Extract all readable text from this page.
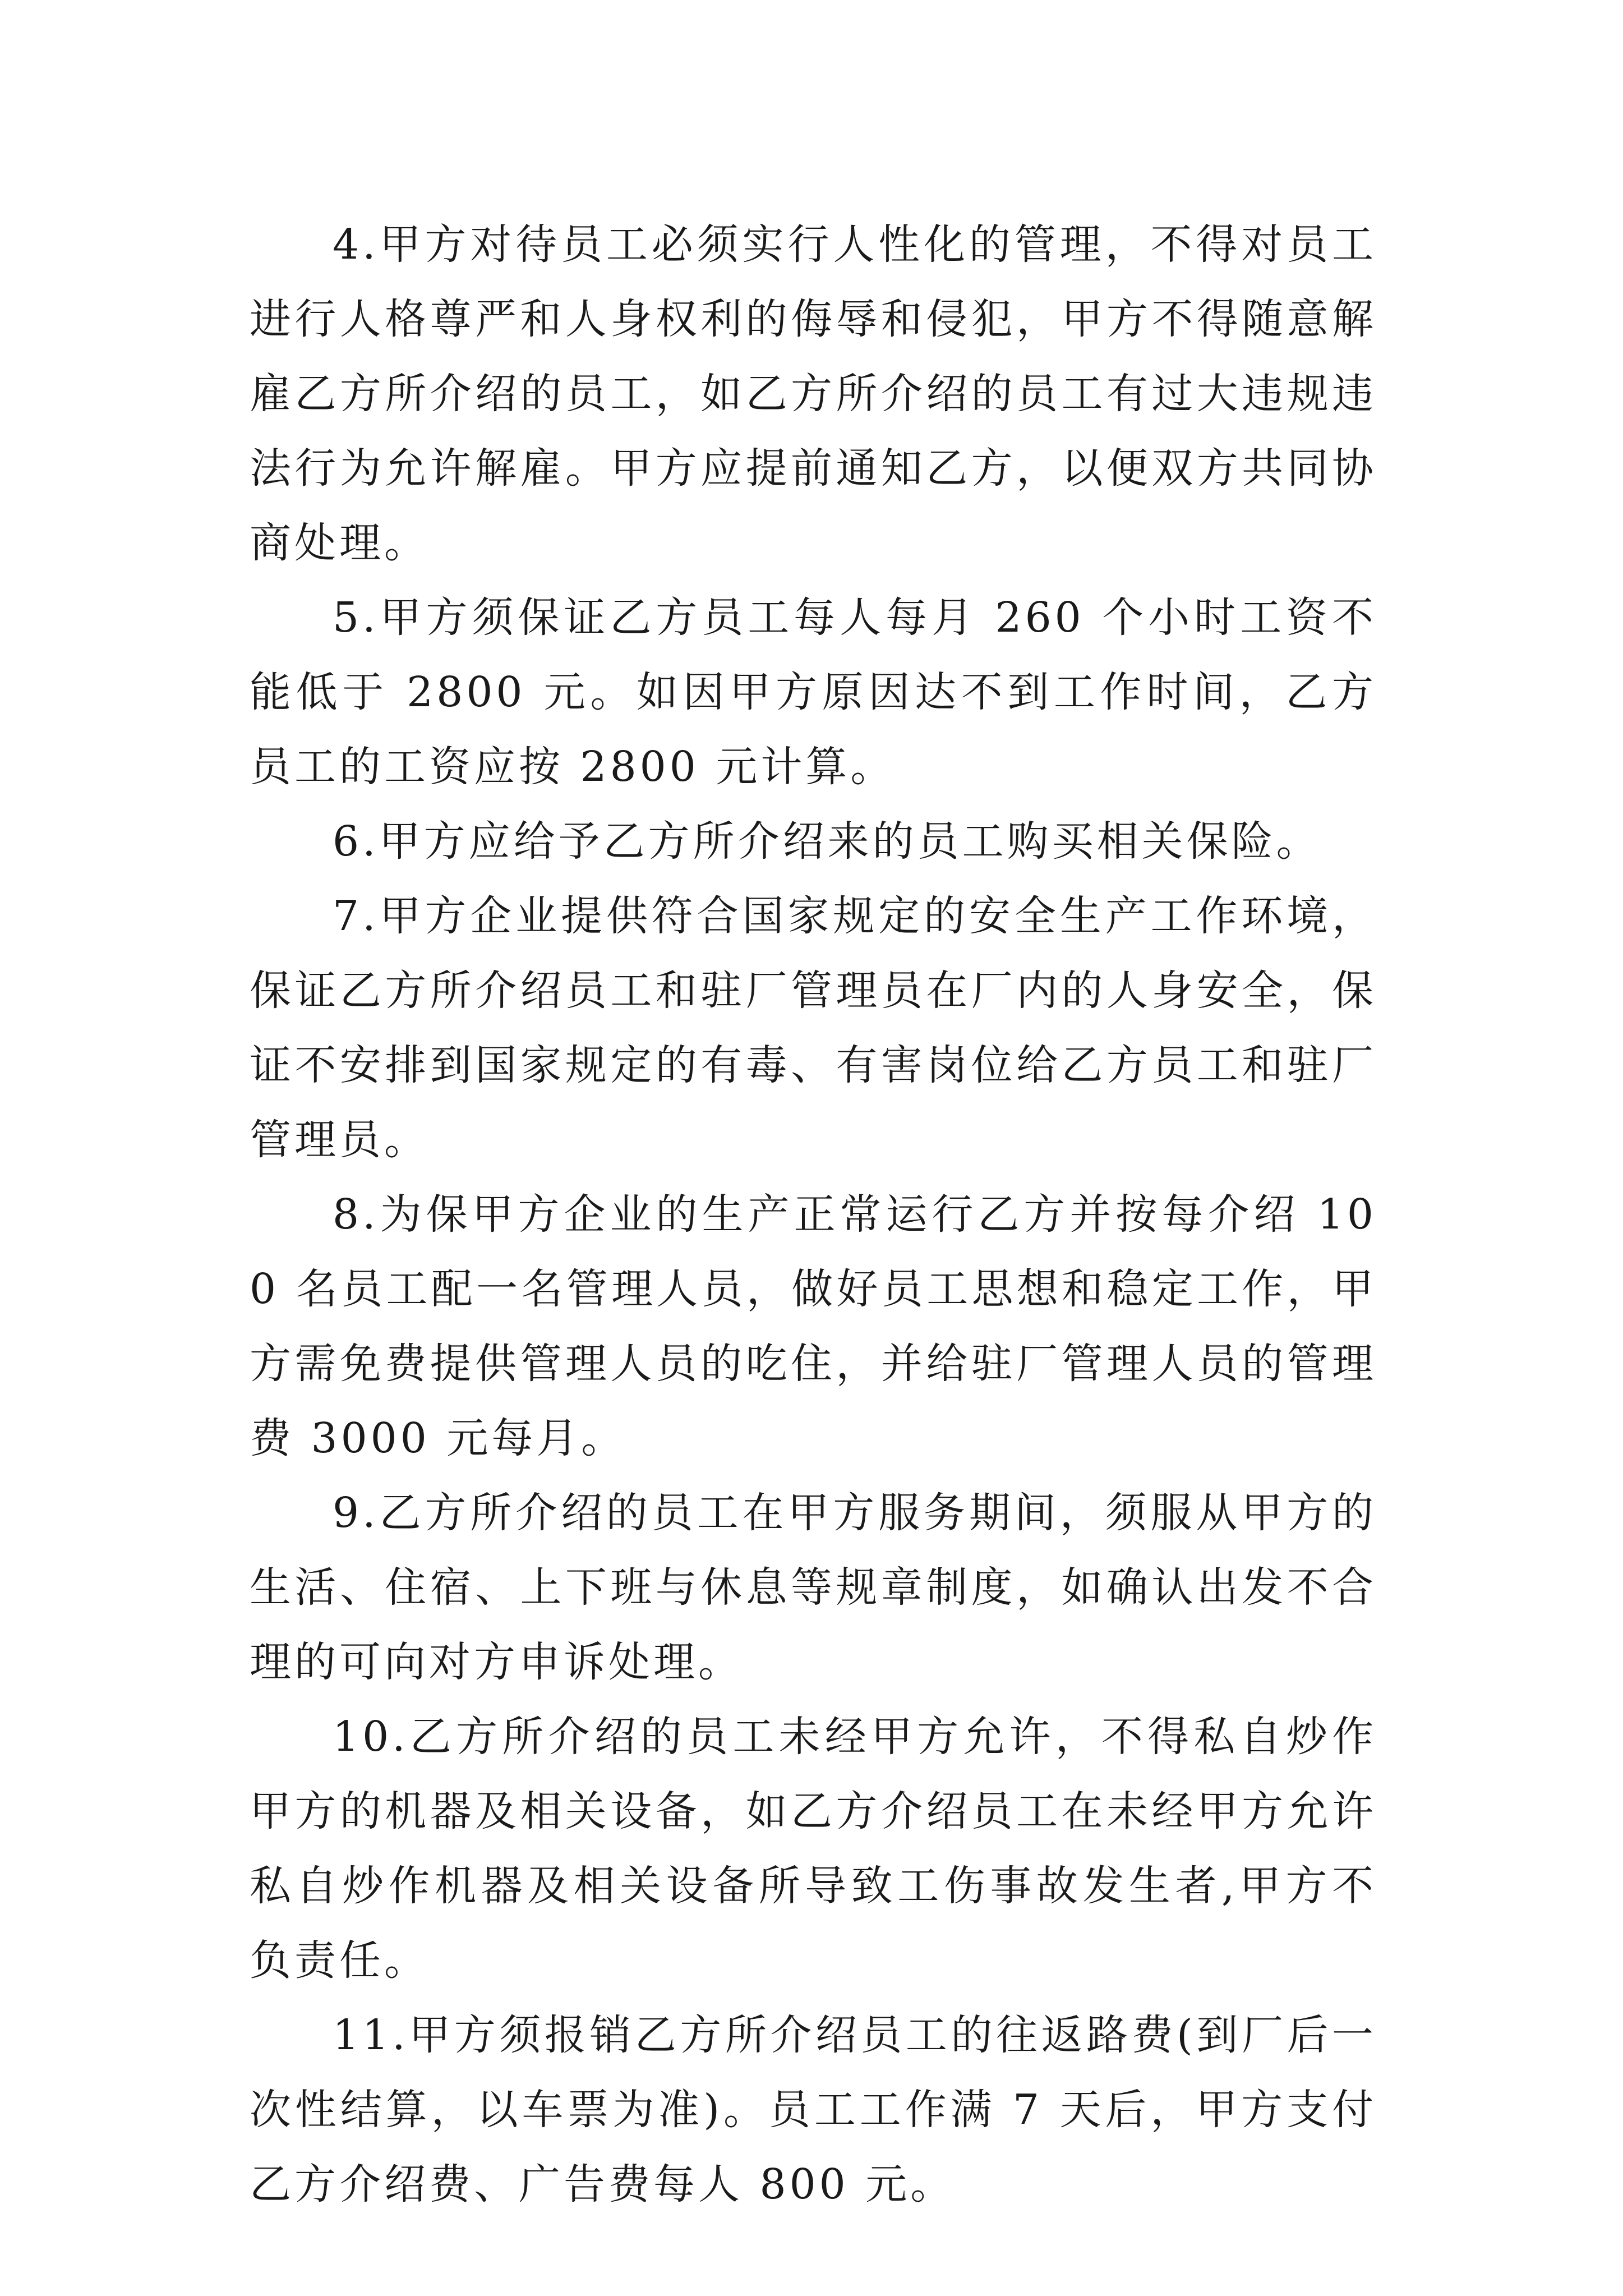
4.甲方对待员工必须实行人性化的管理，不得对员工进行人格尊严和人身权利的侮辱和侵犯，甲方不得随意解雇乙方所介绍的员工，如乙方所介绍的员工有过大违规违法行为允许解雇。甲方应提前通知乙方，以便双方共同协商处理。

5.甲方须保证乙方员工每人每月 260 个小时工资不能低于 2800 元。如因甲方原因达不到工作时间，乙方员工的工资应按 2800 元计算。

6.甲方应给予乙方所介绍来的员工购买相关保险。

7.甲方企业提供符合国家规定的安全生产工作环境，保证乙方所介绍员工和驻厂管理员在厂内的人身安全，保证不安排到国家规定的有毒、有害岗位给乙方员工和驻厂管理员。

8.为保甲方企业的生产正常运行乙方并按每介绍 100 名员工配一名管理人员，做好员工思想和稳定工作，甲方需免费提供管理人员的吃住，并给驻厂管理人员的管理费 3000 元每月。

9.乙方所介绍的员工在甲方服务期间，须服从甲方的生活、住宿、上下班与休息等规章制度，如确认出发不合理的可向对方申诉处理。

10.乙方所介绍的员工未经甲方允许，不得私自炒作甲方的机器及相关设备，如乙方介绍员工在未经甲方允许私自炒作机器及相关设备所导致工伤事故发生者,甲方不负责任。

11.甲方须报销乙方所介绍员工的往返路费(到厂后一次性结算，以车票为准)。员工工作满 7 天后，甲方支付乙方介绍费、广告费每人 800 元。
